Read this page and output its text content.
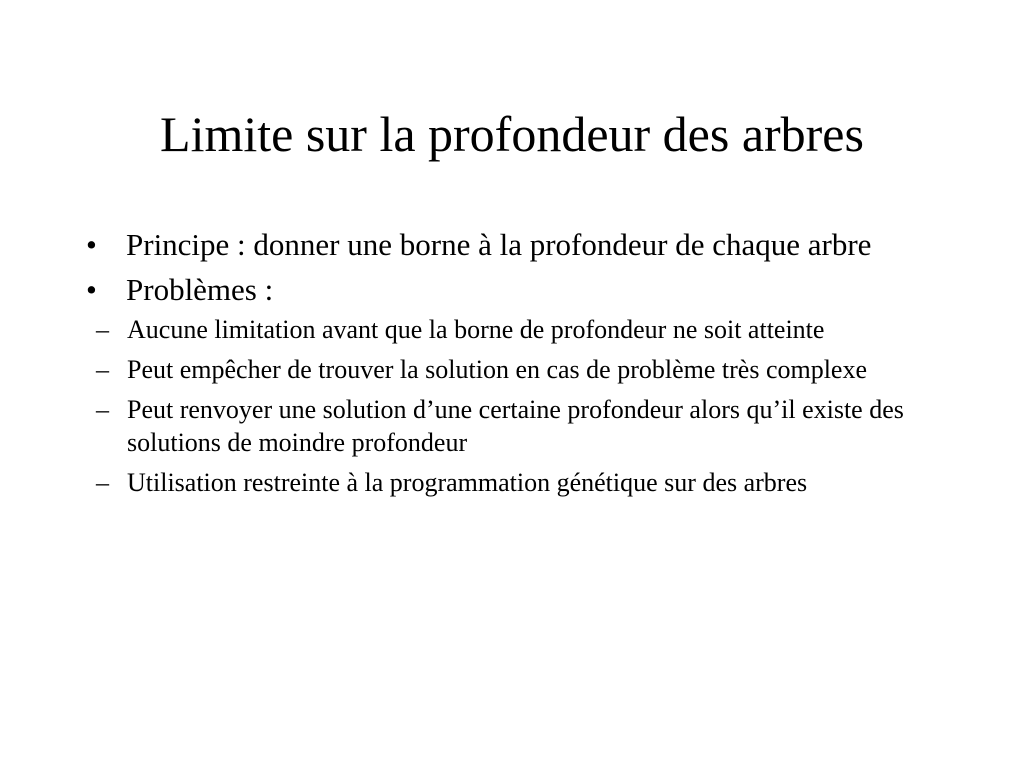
Limite sur la profondeur des arbres
• Principe : donner une borne à la profondeur de chaque arbre
• Problèmes :
– Aucune limitation avant que la borne de profondeur ne soit atteinte
– Peut empêcher de trouver la solution en cas de problème très complexe
– Peut renvoyer une solution d’une certaine profondeur alors qu’il existe des solutions de moindre profondeur
– Utilisation restreinte à la programmation génétique sur des arbres
